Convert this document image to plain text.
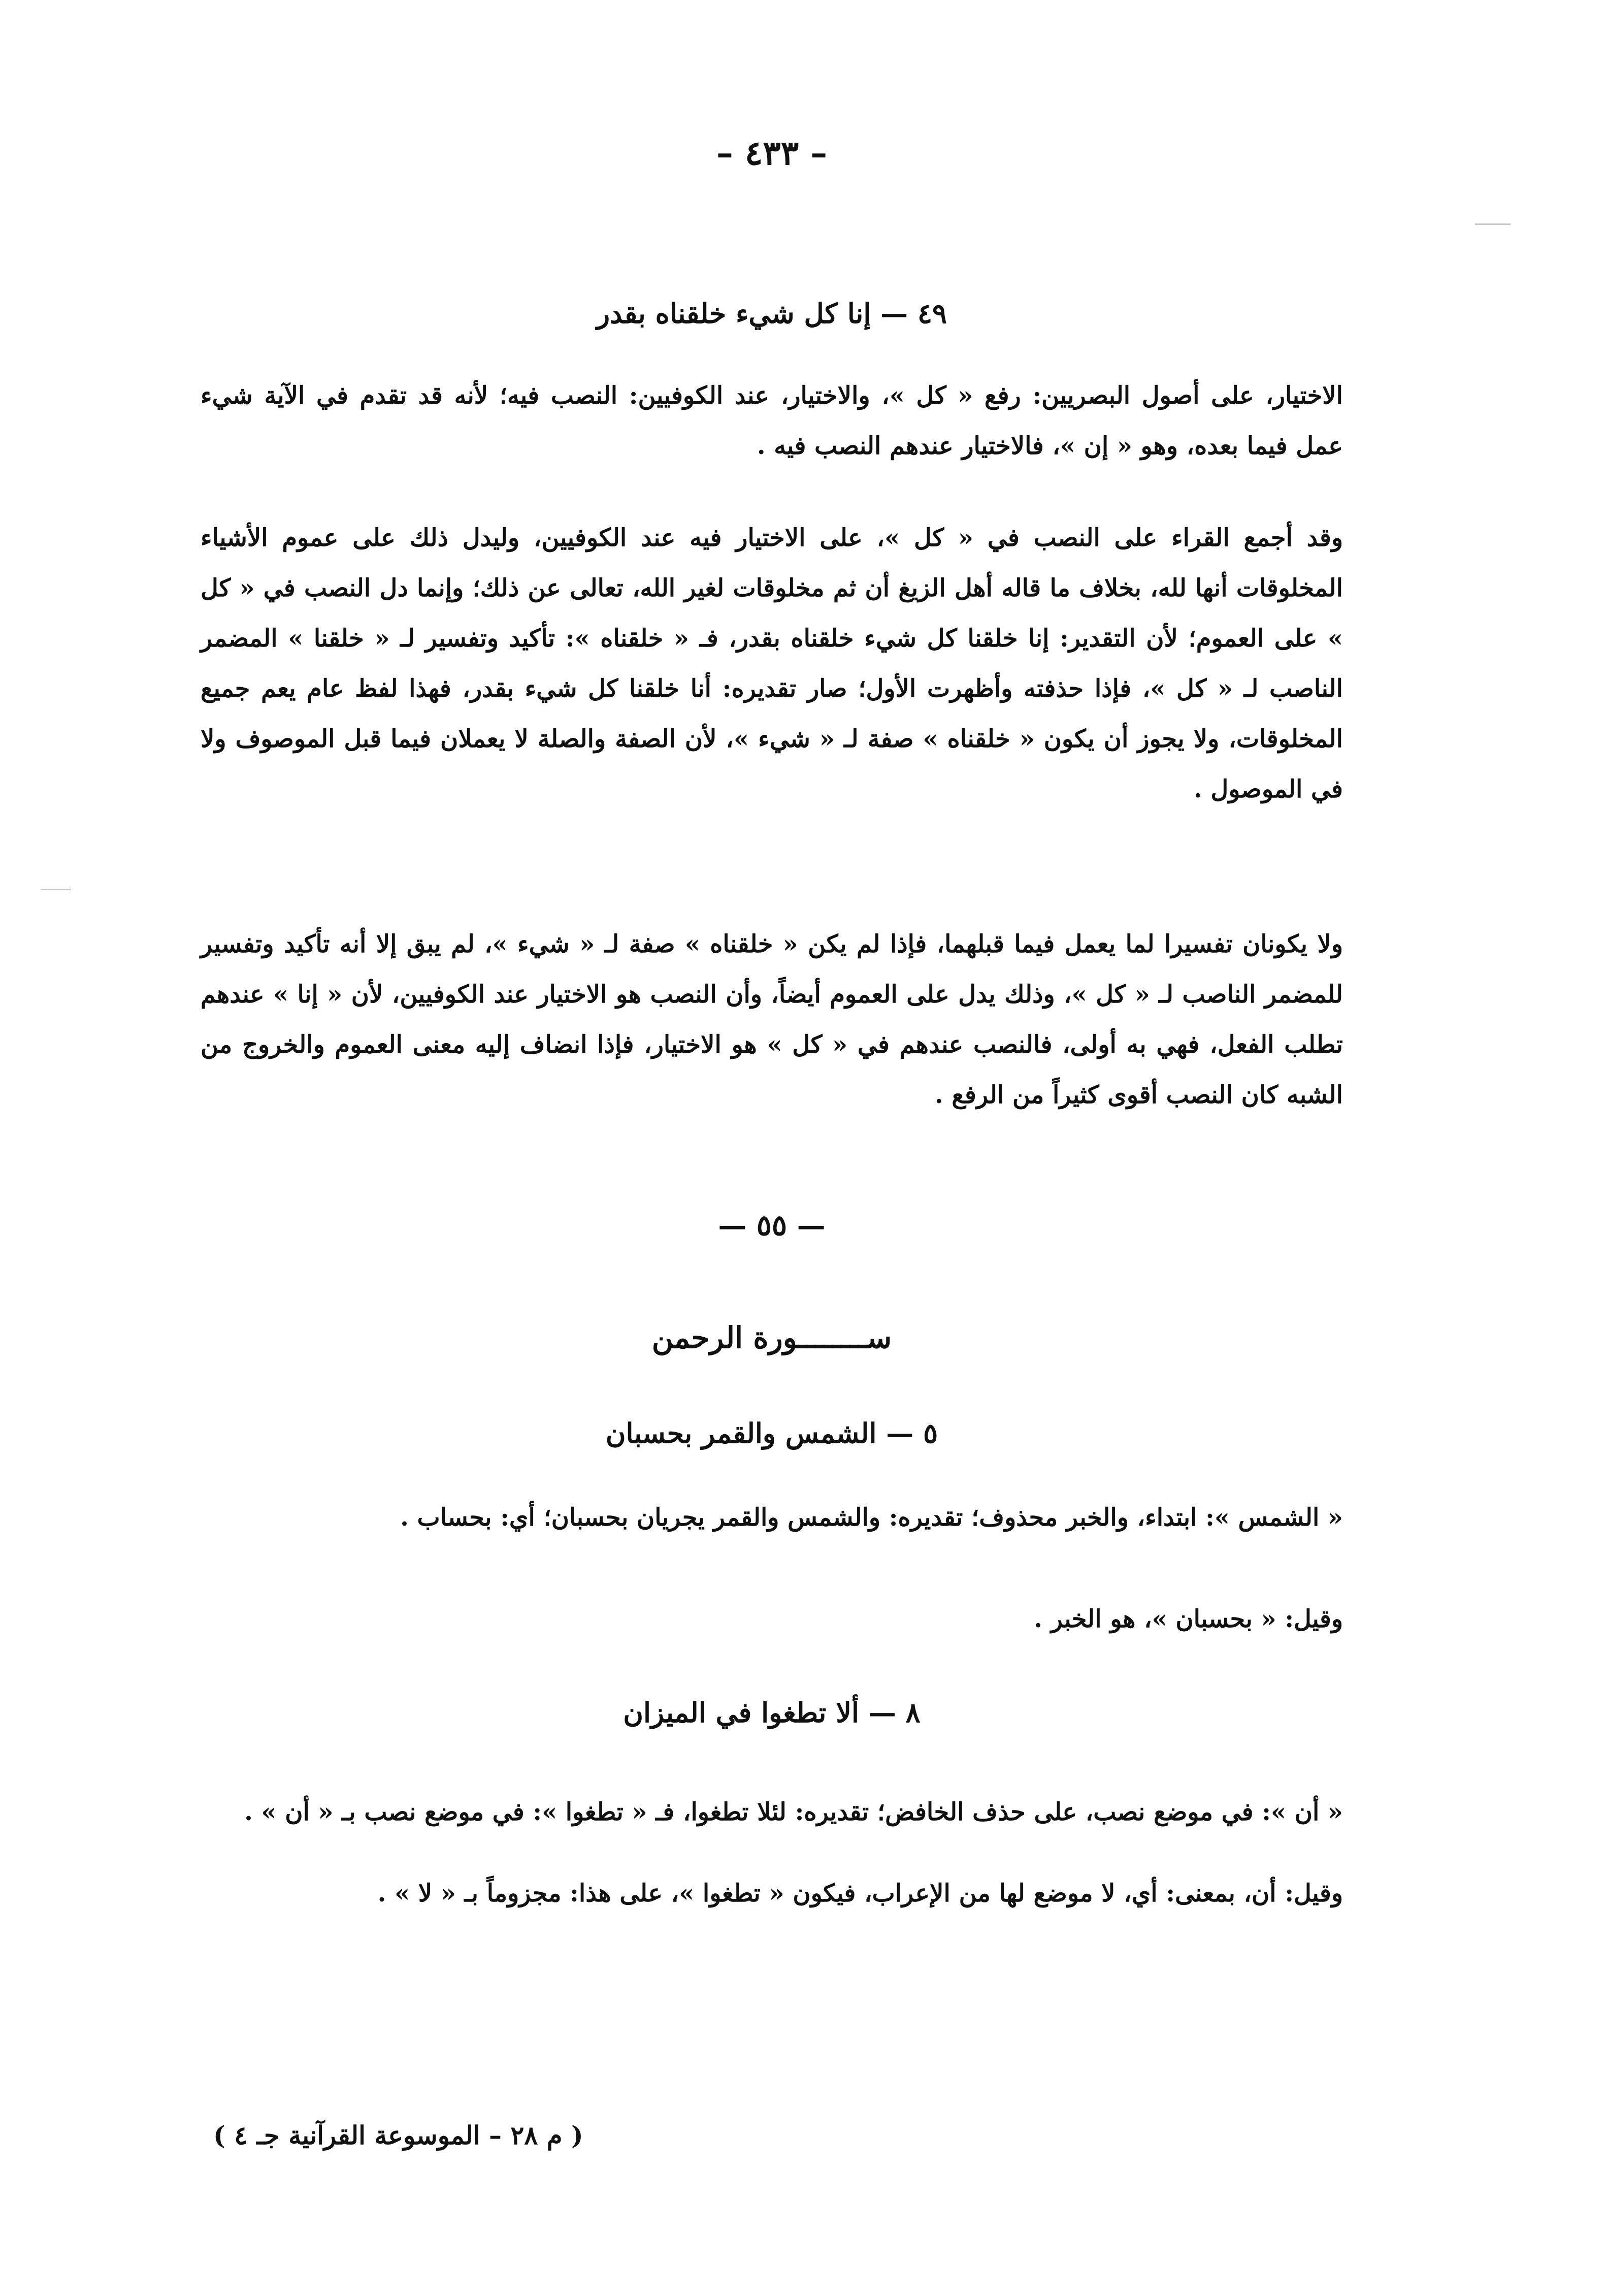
– ٤٣٣ –
٤٩ — إنا كل شيء خلقناه بقدر

الاختيار، على أصول البصريين: رفع « كل »، والاختيار، عند الكوفيين: النصب فيه؛ لأنه قد تقدم في الآية شيء عمل فيما بعده، وهو « إن »، فالاختيار عندهم النصب فيه .

وقد أجمع القراء على النصب في « كل »، على الاختيار فيه عند الكوفيين، وليدل ذلك على عموم الأشياء المخلوقات أنها لله، بخلاف ما قاله أهل الزيغ أن ثم مخلوقات لغير الله، تعالى عن ذلك؛ وإنما دل النصب في « كل » على العموم؛ لأن التقدير: إنا خلقنا كل شيء خلقناه بقدر، فـ « خلقناه »: تأكيد وتفسير لـ « خلقنا » المضمر الناصب لـ « كل »، فإذا حذفته وأظهرت الأول؛ صار تقديره: أنا خلقنا كل شيء بقدر، فهذا لفظ عام يعم جميع المخلوقات، ولا يجوز أن يكون « خلقناه » صفة لـ « شيء »، لأن الصفة والصلة لا يعملان فيما قبل الموصوف ولا في الموصول .

ولا يكونان تفسيرا لما يعمل فيما قبلهما، فإذا لم يكن « خلقناه » صفة لـ « شيء »، لم يبق إلا أنه تأكيد وتفسير للمضمر الناصب لـ « كل »، وذلك يدل على العموم أيضاً، وأن النصب هو الاختيار عند الكوفيين، لأن « إنا » عندهم تطلب الفعل، فهي به أولى، فالنصب عندهم في « كل » هو الاختيار، فإذا انضاف إليه معنى العموم والخروج من الشبه كان النصب أقوى كثيراً من الرفع .

— ٥٥ —
ســــــــورة الرحمن
٥ — الشمس والقمر بحسبان
« الشمس »: ابتداء، والخبر محذوف؛ تقديره: والشمس والقمر يجريان بحسبان؛ أي: بحساب .
وقيل: « بحسبان »، هو الخبر .
٨ — ألا تطغوا في الميزان
« أن »: في موضع نصب، على حذف الخافض؛ تقديره: لئلا تطغوا، فـ « تطغوا »: في موضع نصب بـ « أن » .
وقيل: أن، بمعنى: أي، لا موضع لها من الإعراب، فيكون « تطغوا »، على هذا: مجزوماً بـ « لا » .
( م ٢٨ – الموسوعة القرآنية جـ ٤ )
